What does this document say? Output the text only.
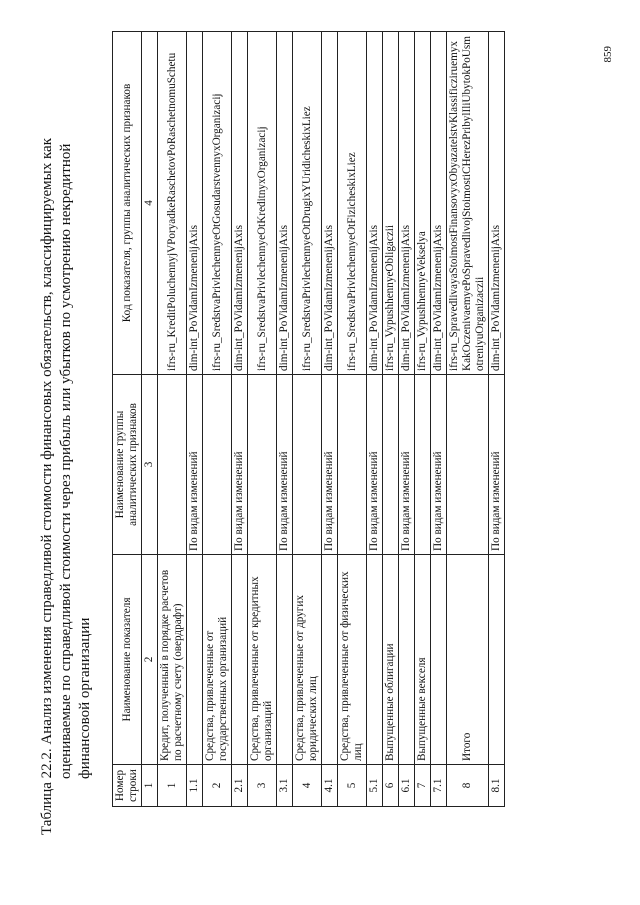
Таблица 22.2. Анализ изменения справедливой стоимости финансовых обязательств, классифицируемых как оцениваемые по справедливой стоимости через прибыль или убытков по усмотрению некредитной финансовой организации
Номер строки	Наименование показателя	Наименование группы аналитических признаков	Код показателя, группы аналитических признаков
1	2	3	4
1	Кредит, полученный в порядке расчетов по расчетному счету (овердрафт)		ifrs-ru_KreditPoluchennyjVPoryadkeRaschetovPoRaschetnomuSchetu
1.1		По видам изменений	dim-int_PoVidamIzmenenijAxis
2	Средства, привлеченные от государственных организаций		ifrs-ru_SredstvaPrivlechennyeOtGosudarstvennyxOrganizacij
2.1		По видам изменений	dim-int_PoVidamIzmenenijAxis
3	Средства, привлеченные от кредитных организаций		ifrs-ru_SredstvaPrivlechennyeOtKreditnyxOrganizacij
3.1		По видам изменений	dim-int_PoVidamIzmenenijAxis
4	Средства, привлеченные от других юридических лиц		ifrs-ru_SredstvaPrivlechennyeOtDrugixYUridicheskixLiez
4.1		По видам изменений	dim-int_PoVidamIzmenenijAxis
5	Средства, привлеченные от физических лиц		ifrs-ru_SredstvaPrivlechennyeOtFizicheskixLiez
5.1		По видам изменений	dim-int_PoVidamIzmenenijAxis
6	Выпущенные облигации		ifrs-ru_VypushhennyeObligaczii
6.1		По видам изменений	dim-int_PoVidamIzmenenijAxis
7	Выпущенные векселя		ifrs-ru_VypushhennyeVekselya
7.1		По видам изменений	dim-int_PoVidamIzmenenijAxis
8	Итого		ifrs-ru_SpravedlivayaStoimostFinansovyxObyazatelstvKlassificziruemyxKakOczenivaemyePoSpravedlivojStoimostiCHerezPribylIliUbytokPoUsmotreniyuOrganizaczii
8.1		По видам изменений	dim-int_PoVidamIzmenenijAxis
859
